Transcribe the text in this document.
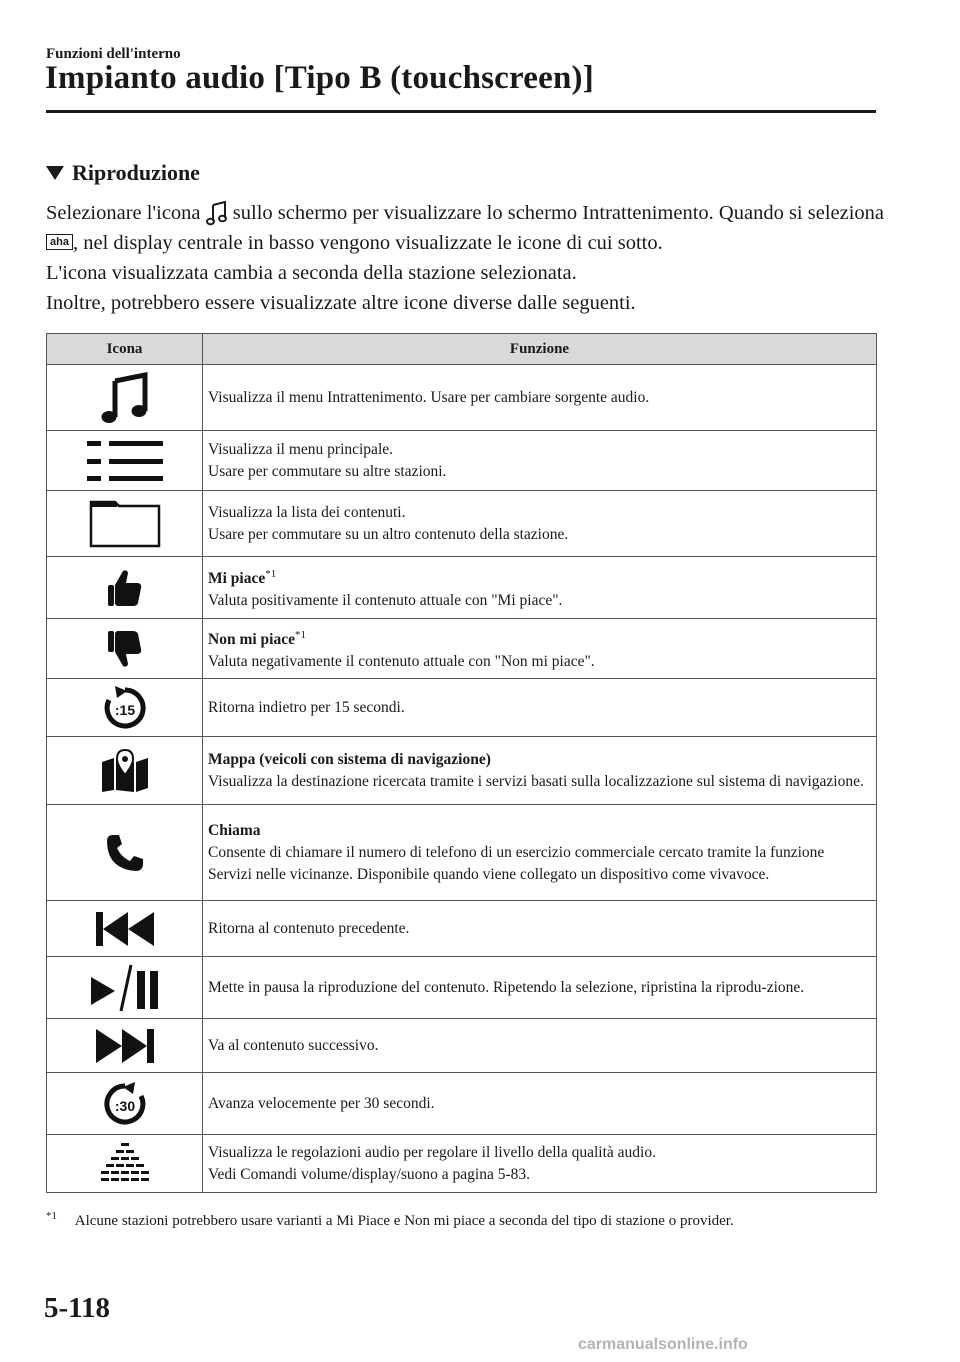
Funzioni dell'interno
Impianto audio [Tipo B (touchscreen)]
Riproduzione

Selezionare l'icona sullo schermo per visualizzare lo schermo Intrattenimento. Quando si seleziona aha , nel display centrale in basso vengono visualizzate le icone di cui sotto.

L'icona visualizzata cambia a seconda della stazione selezionata.

Inoltre, potrebbero essere visualizzate altre icone diverse dalle seguenti.

Icona	Funzione

	Visualizza il menu Intrattenimento. Usare per cambiare sorgente audio.

	Visualizza il menu principale.
Usare per commutare su altre stazioni.

	Visualizza la lista dei contenuti.
Usare per commutare su un altro contenuto della stazione.

Mi piace$^{*1}$
Valuta positivamente il contenuto attuale con "Mi piace".

Non mi piace$^{*1}$
Valuta negativamente il contenuto attuale con "Non mi piace".

:15	Ritorna indietro per 15 secondi.

Mappa (veicoli con sistema di navigazione)
Visualizza la destinazione ricercata tramite i servizi basati sulla localizzazione sul sistema di navigazione.

Chiama
Consente di chiamare il numero di telefono di un esercizio commerciale cercato tramite la funzione Servizi nelle vicinanze. Disponibile quando viene collegato un dispositivo come vivavoce.

	Ritorna al contenuto precedente.

	Mette in pausa la riproduzione del contenuto. Ripetendo la selezione, ripristina la riprodu-zione.

	Va al contenuto successivo.

:30	Avanza velocemente per 30 secondi.

	Visualizza le regolazioni audio per regolare il livello della qualità audio.
Vedi Comandi volume/display/suono a pagina 5-83.
$^{*1}$ Alcune stazioni potrebbero usare varianti a Mi Piace e Non mi piace a seconda del tipo di stazione o provider.
5-118
carmanualsonline.info
